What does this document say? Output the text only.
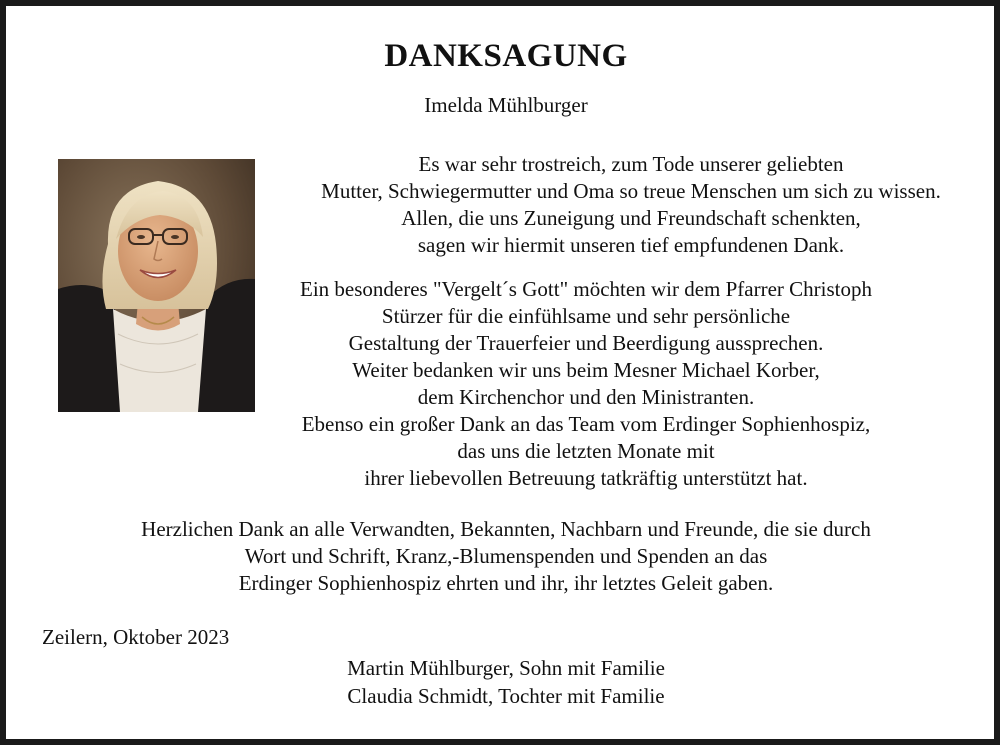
DANKSAGUNG
Imelda Mühlburger
Es war sehr trostreich, zum Tode unserer geliebten
Mutter, Schwiegermutter und Oma so treue Menschen um sich zu wissen.
Allen, die uns Zuneigung und Freundschaft schenkten,
sagen wir hiermit unseren tief empfundenen Dank.
Ein besonderes "Vergelt´s Gott" möchten wir dem Pfarrer Christoph
Stürzer für die einfühlsame und sehr persönliche
Gestaltung der Trauerfeier und Beerdigung aussprechen.
Weiter bedanken wir uns beim Mesner Michael Korber,
dem Kirchenchor und den Ministranten.
Ebenso ein großer Dank an das Team vom Erdinger Sophienhospiz,
das uns die letzten Monate mit
ihrer liebevollen Betreuung tatkräftig unterstützt hat.
Herzlichen Dank an alle Verwandten, Bekannten, Nachbarn und Freunde, die sie durch
Wort und Schrift, Kranz,-Blumenspenden und Spenden an das
Erdinger Sophienhospiz ehrten und ihr, ihr letztes Geleit gaben.
Zeilern, Oktober 2023
Martin Mühlburger, Sohn mit Familie
Claudia Schmidt, Tochter mit Familie
